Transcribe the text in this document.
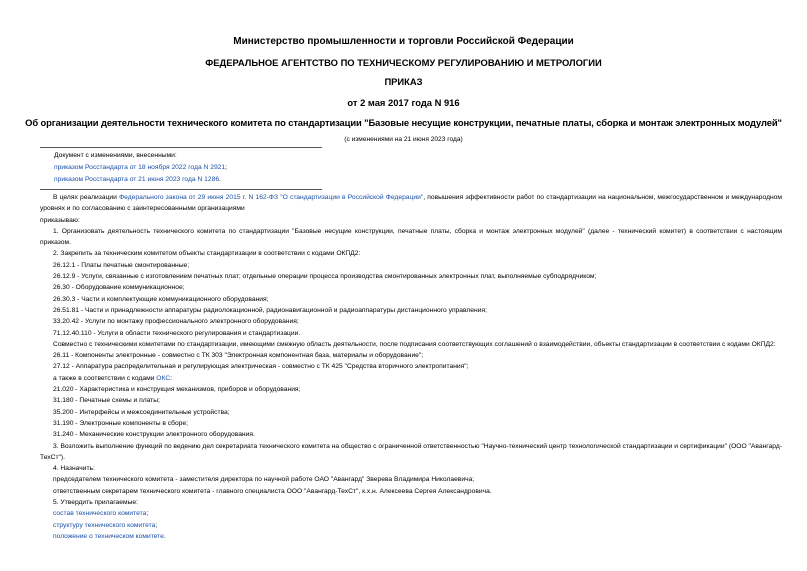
Министерство промышленности и торговли Российской Федерации
ФЕДЕРАЛЬНОЕ АГЕНТСТВО ПО ТЕХНИЧЕСКОМУ РЕГУЛИРОВАНИЮ И МЕТРОЛОГИИ
ПРИКАЗ
от 2 мая 2017 года N 916
Об организации деятельности технического комитета по стандартизации "Базовые несущие конструкции, печатные платы, сборка и монтаж электронных модулей"
(с изменениями на 21 июня 2023 года)
Документ с изменениями, внесенными:
приказом Росстандарта от 18 ноября 2022 года N 2921;
приказом Росстандарта от 21 июня 2023 года N 1286.

В целях реализации Федерального закона от 29 июня 2015 г. N 162-ФЗ "О стандартизации в Российской Федерации", повышения эффективности работ по стандартизации на национальном, межгосударственном и международном уровнях и по согласованию с заинтересованными организациями

приказываю:

1. Организовать деятельность технического комитета по стандартизации "Базовые несущие конструкции, печатные платы, сборка и монтаж электронных модулей" (далее - технический комитет) в соответствии с настоящим приказом.

2. Закрепить за техническим комитетом объекты стандартизации в соответствии с кодами ОКПД2:

26.12.1 - Платы печатные смонтированные;

26.12.9 - Услуги, связанные с изготовлением печатных плат; отдельные операции процесса производства смонтированных электронных плат, выполняемые субподрядчиком;

26.30 - Оборудование коммуникационное;

26.30.3 - Части и комплектующие коммуникационного оборудования;

26.51.81 - Части и принадлежности аппаратуры радиолокационной, радионавигационной и радиоаппаратуры дистанционного управления;

33.20.42 - Услуги по монтажу профессионального электронного оборудования;

71.12.40.110 - Услуги в области технического регулирования и стандартизации.

Совместно с техническими комитетами по стандартизации, имеющими смежную область деятельности, после подписания соответствующих соглашений о взаимодействии, объекты стандартизации в соответствии с кодами ОКПД2:

26.11 - Компоненты электронные - совместно с ТК 303 "Электронная компонентная база, материалы и оборудование";

27.12 - Аппаратура распределительная и регулирующая электрическая - совместно с ТК 425 "Средства вторичного электропитания";

а также в соответствии с кодами ОКС:

21.020 - Характеристика и конструкция механизмов, приборов и оборудования;

31.180 - Печатные схемы и платы;

35.200 - Интерфейсы и межсоединительные устройства;

31.190 - Электронные компоненты в сборе;

31.240 - Механические конструкции электронного оборудования.

3. Возложить выполнение функций по ведению дел секретариата технического комитета на общество с ограниченной ответственностью "Научно-технический центр технологической стандартизации и сертификации" (ООО "Авангард-ТехСт").

4. Назначить:

председателем технического комитета - заместителя директора по научной работе ОАО "Авангард" Зверева Владимира Николаевича;

ответственным секретарем технического комитета - главного специалиста ООО "Авангард-ТехСт", к.х.н. Алексеева Сергея Александровича.

5. Утвердить прилагаемые:

состав технического комитета;

структуру технического комитета;

положение о техническом комитете.
